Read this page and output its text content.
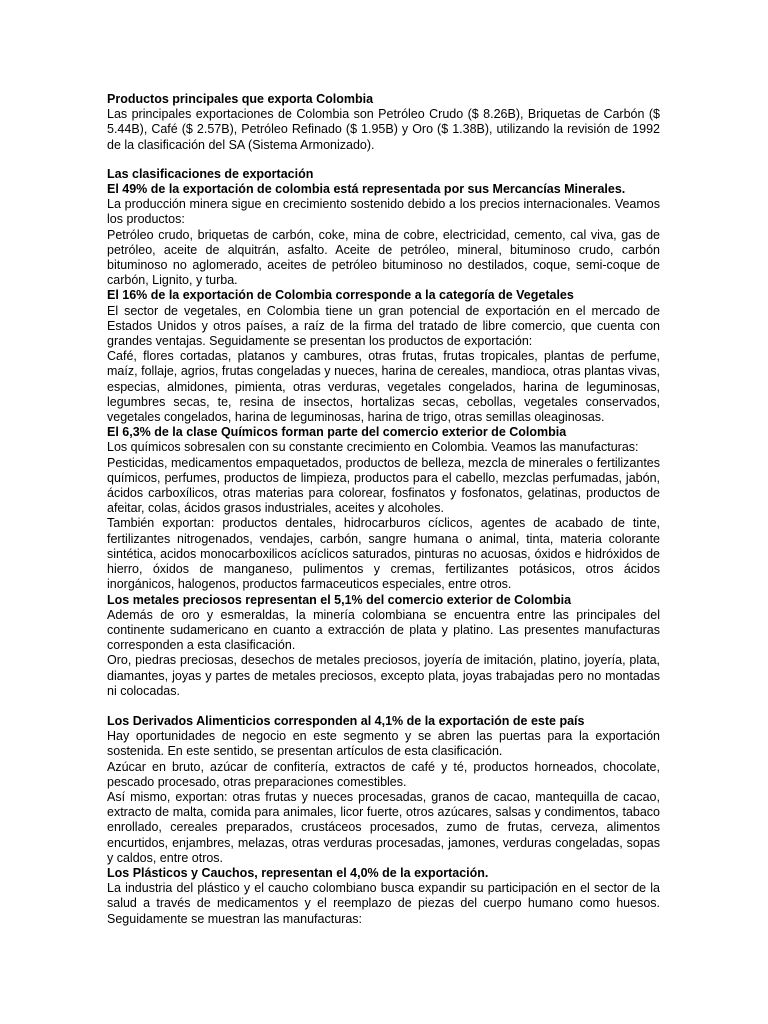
Productos principales que exporta Colombia

Las principales exportaciones de Colombia son Petróleo Crudo ($ 8.26B), Briquetas de Carbón ($ 5.44B), Café ($ 2.57B), Petróleo Refinado ($ 1.95B) y Oro ($ 1.38B), utilizando la revisión de 1992 de la clasificación del SA (Sistema Armonizado).

Las clasificaciones de exportación

El 49% de la exportación de colombia está representada por sus Mercancías Minerales.

La producción minera sigue en crecimiento sostenido debido a los precios internacionales. Veamos los productos:

Petróleo crudo, briquetas de carbón, coke, mina de cobre, electricidad, cemento, cal viva, gas de petróleo, aceite de alquitrán, asfalto. Aceite de petróleo, mineral, bituminoso crudo, carbón bituminoso no aglomerado, aceites de petróleo bituminoso no destilados, coque, semi-coque de carbón, Lignito, y turba.

El 16% de la exportación de Colombia corresponde a la categoría de Vegetales

El sector de vegetales, en Colombia tiene un gran potencial de exportación en el mercado de Estados Unidos y otros países, a raíz de la firma del tratado de libre comercio, que cuenta con grandes ventajas. Seguidamente se presentan los productos de exportación:

Café, flores cortadas, platanos y cambures, otras frutas, frutas tropicales, plantas de perfume, maíz, follaje, agrios, frutas congeladas y nueces, harina de cereales, mandioca, otras plantas vivas, especias, almidones, pimienta, otras verduras, vegetales congelados, harina de leguminosas, legumbres secas, te, resina de insectos, hortalizas secas, cebollas, vegetales conservados, vegetales congelados, harina de leguminosas, harina de trigo, otras semillas oleaginosas.

El 6,3% de la clase Químicos forman parte del comercio exterior de Colombia

Los químicos sobresalen con su constante crecimiento en Colombia. Veamos las manufacturas:

Pesticidas, medicamentos empaquetados, productos de belleza, mezcla de minerales o fertilizantes químicos, perfumes, productos de limpieza, productos para el cabello, mezclas perfumadas, jabón, ácidos carboxílicos, otras materias para colorear, fosfinatos y fosfonatos, gelatinas, productos de afeitar, colas, ácidos grasos industriales, aceites y alcoholes.

También exportan: productos dentales, hidrocarburos cíclicos, agentes de acabado de tinte, fertilizantes nitrogenados, vendajes, carbón, sangre humana o animal, tinta, materia colorante sintética, acidos monocarboxilicos acíclicos saturados, pinturas no acuosas, óxidos e hidróxidos de hierro, óxidos de manganeso, pulimentos y cremas, fertilizantes potásicos, otros ácidos inorgánicos, halogenos, productos farmaceuticos especiales, entre otros.

Los metales preciosos representan el 5,1% del comercio exterior de Colombia

Además de oro y esmeraldas, la minería colombiana se encuentra entre las principales del continente sudamericano en cuanto a extracción de plata y platino. Las presentes manufacturas corresponden a esta clasificación.

Oro, piedras preciosas, desechos de metales preciosos, joyería de imitación, platino, joyería, plata, diamantes, joyas y partes de metales preciosos, excepto plata, joyas trabajadas pero no montadas ni colocadas.

Los Derivados Alimenticios corresponden al 4,1% de la exportación de este país

Hay oportunidades de negocio en este segmento y se abren las puertas para la exportación sostenida. En este sentido, se presentan artículos de esta clasificación.

Azúcar en bruto, azúcar de confitería, extractos de café y té, productos horneados, chocolate, pescado procesado, otras preparaciones comestibles.

Así mismo, exportan: otras frutas y nueces procesadas, granos de cacao, mantequilla de cacao, extracto de malta, comida para animales, licor fuerte, otros azúcares, salsas y condimentos, tabaco enrollado, cereales preparados, crustáceos procesados, zumo de frutas, cerveza, alimentos encurtidos, enjambres, melazas, otras verduras procesadas, jamones, verduras congeladas, sopas y caldos, entre otros.

Los Plásticos y Cauchos, representan el 4,0% de la exportación.

La industria del plástico y el caucho colombiano busca expandir su participación en el sector de la salud a través de medicamentos y el reemplazo de piezas del cuerpo humano como huesos. Seguidamente se muestran las manufacturas:
